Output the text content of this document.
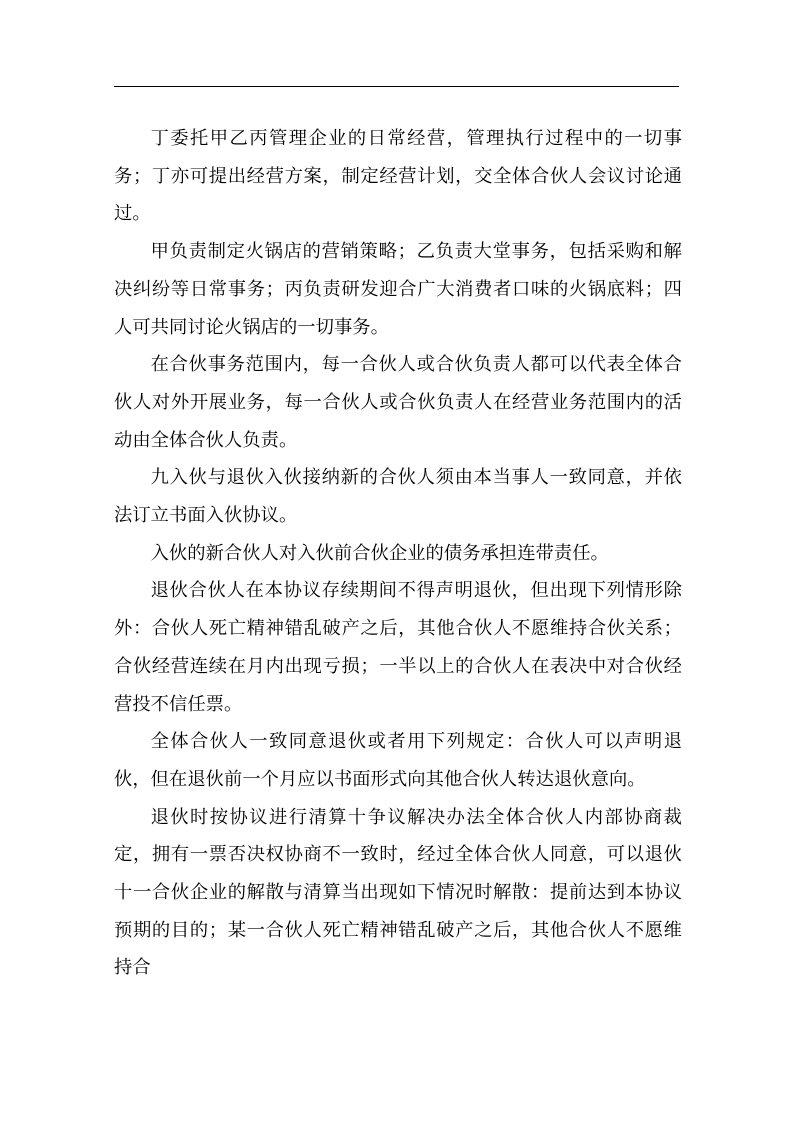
丁委托甲乙丙管理企业的日常经营，管理执行过程中的一切事务；丁亦可提出经营方案，制定经营计划，交全体合伙人会议讨论通过。

甲负责制定火锅店的营销策略；乙负责大堂事务，包括采购和解决纠纷等日常事务；丙负责研发迎合广大消费者口味的火锅底料；四人可共同讨论火锅店的一切事务。

在合伙事务范围内，每一合伙人或合伙负责人都可以代表全体合伙人对外开展业务，每一合伙人或合伙负责人在经营业务范围内的活动由全体合伙人负责。

九入伙与退伙入伙接纳新的合伙人须由本当事人一致同意，并依法订立书面入伙协议。

入伙的新合伙人对入伙前合伙企业的债务承担连带责任。

退伙合伙人在本协议存续期间不得声明退伙，但出现下列情形除外：合伙人死亡精神错乱破产之后，其他合伙人不愿维持合伙关系；合伙经营连续在月内出现亏损；一半以上的合伙人在表决中对合伙经营投不信任票。

全体合伙人一致同意退伙或者用下列规定：合伙人可以声明退伙，但在退伙前一个月应以书面形式向其他合伙人转达退伙意向。

退伙时按协议进行清算十争议解决办法全体合伙人内部协商裁定，拥有一票否决权协商不一致时，经过全体合伙人同意，可以退伙十一合伙企业的解散与清算当出现如下情况时解散：提前达到本协议预期的目的；某一合伙人死亡精神错乱破产之后，其他合伙人不愿维持合
